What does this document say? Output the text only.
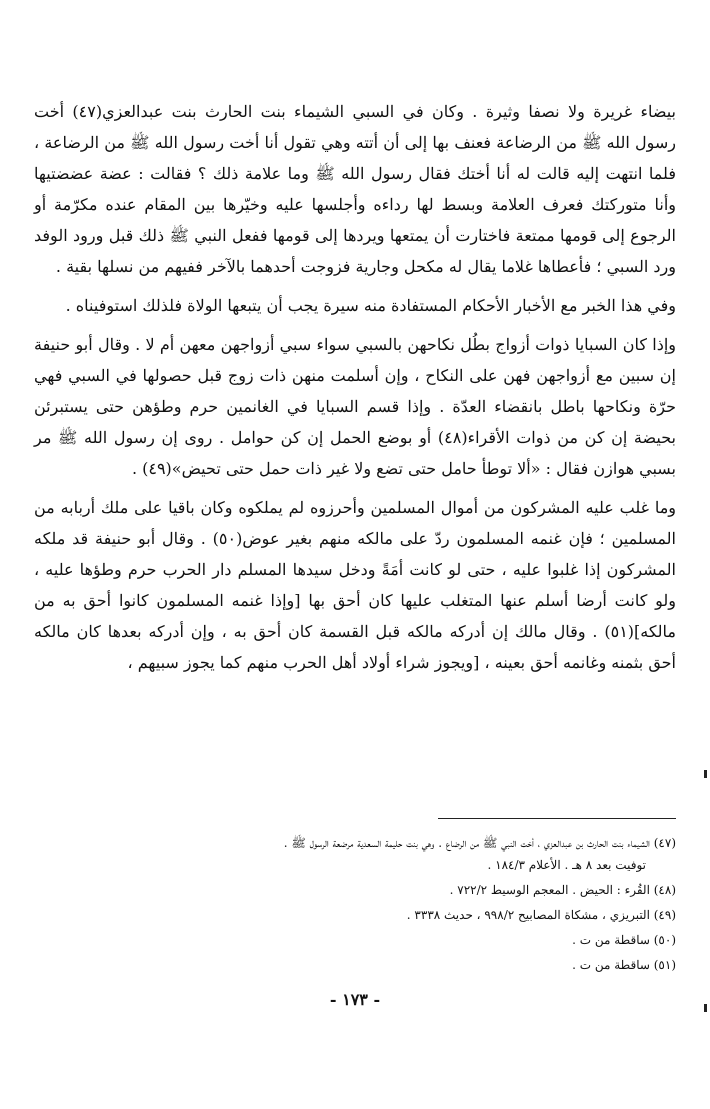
بيضاء غريرة ولا نصفا وثيرة . وكان في السبي الشيماء بنت الحارث بنت عبدالعزي(٤٧) أخت رسول الله ﷺ من الرضاعة فعنف بها إلى أن أتته وهي تقول أنا أخت رسول الله ﷺ من الرضاعة ، فلما انتهت إليه قالت له أنا أختك فقال رسول الله ﷺ وما علامة ذلك ؟ فقالت : عضة عضضتيها وأنا متوركتك فعرف العلامة وبسط لها رداءه وأجلسها عليه وخيّرها بين المقام عنده مكرّمة أو الرجوع إلى قومها ممتعة فاختارت أن يمتعها ويردها إلى قومها ففعل النبي ﷺ ذلك قبل ورود الوفد ورد السبي ؛ فأعطاها غلاما يقال له مكحل وجارية فزوجت أحدهما بالآخر ففيهم من نسلها بقية .

وفي هذا الخبر مع الأخبار الأحكام المستفادة منه سيرة يجب أن يتبعها الولاة فلذلك استوفيناه .

وإذا كان السبايا ذوات أزواج بطُل نكاحهن بالسبي سواء سبي أزواجهن معهن أم لا . وقال أبو حنيفة إن سبين مع أزواجهن فهن على النكاح ، وإن أسلمت منهن ذات زوج قبل حصولها في السبي فهي حرّة ونكاحها باطل بانقضاء العدّة . وإذا قسم السبايا في الغانمين حرم وطؤهن حتى يستبرئن بحيضة إن كن من ذوات الأقراء(٤٨) أو بوضع الحمل إن كن حوامل . روى إن رسول الله ﷺ مر بسبي هوازن فقال : «ألا توطأ حامل حتى تضع ولا غير ذات حمل حتى تحيض»(٤٩) .

وما غلب عليه المشركون من أموال المسلمين وأحرزوه لم يملكوه وكان باقيا على ملك أربابه من المسلمين ؛ فإن غنمه المسلمون ردّ على مالكه منهم بغير عوض(٥٠) . وقال أبو حنيفة قد ملكه المشركون إذا غلبوا عليه ، حتى لو كانت أمَةً ودخل سيدها المسلم دار الحرب حرم وطؤها عليه ، ولو كانت أرضا أسلم عنها المتغلب عليها كان أحق بها [وإذا غنمه المسلمون كانوا أحق به من مالكه](٥١) . وقال مالك إن أدركه مالكه قبل القسمة كان أحق به ، وإن أدركه بعدها كان مالكه أحق بثمنه وغانمه أحق بعينه ، [ويجوز شراء أولاد أهل الحرب منهم كما يجوز سبيهم ،

(٤٧) الشيماء بنت الحارث بن عبدالعزي ، أخت النبي ﷺ من الرضاع . وهي بنت حليمة السعدية مرضعة الرسول ﷺ .
توفيت بعد ٨ هـ . الأعلام ١٨٤/٣ .

(٤٨) القُرء : الحيض . المعجم الوسيط ٧٢٢/٢ .

(٤٩) التبريزي ، مشكاة المصابيح ٩٩٨/٢ ، حديث ٣٣٣٨ .

(٥٠) ساقطة من ت .

(٥١) ساقطة من ت .

- ١٧٣ -
